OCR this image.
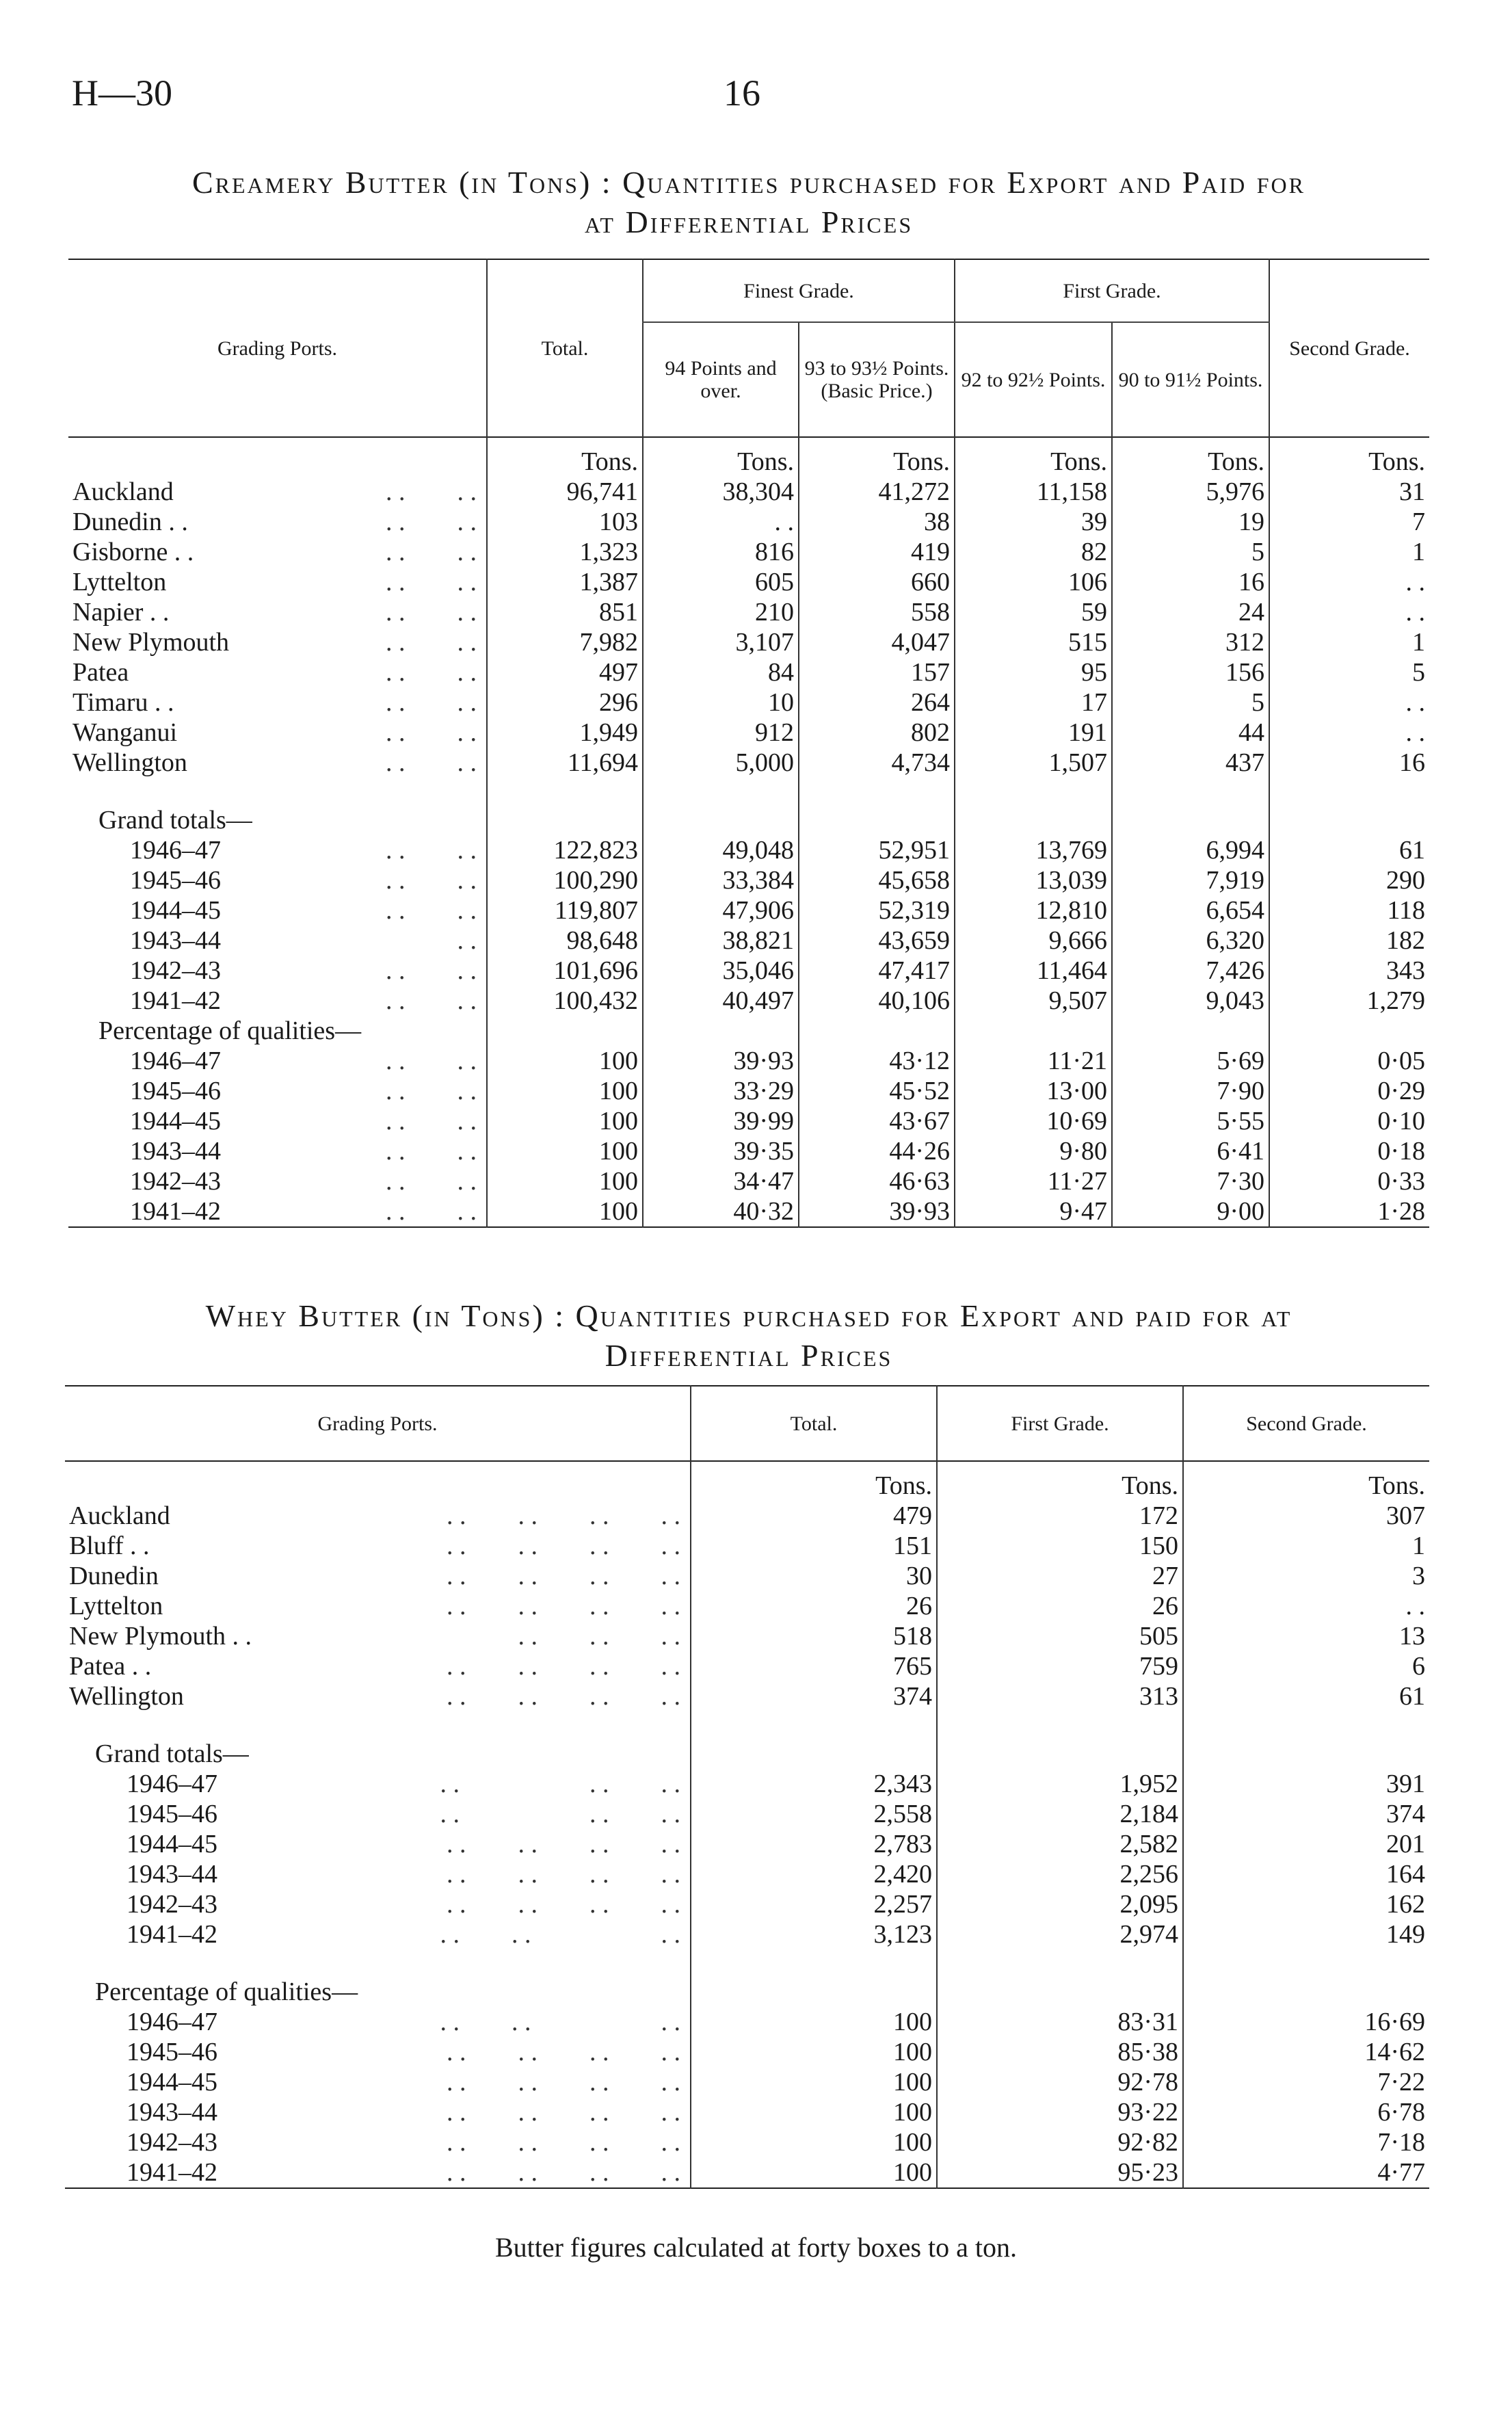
H—30	16
Creamery Butter (in Tons) : Quantities purchased for Export and Paid for
at Differential Prices
Grading Ports.	Total.	Finest Grade.		First Grade.		Second Grade.
		94 Points and over.	93 to 93½ Points. (Basic Price.)	92 to 92½ Points.	90 to 91½ Points.	
	Tons.	Tons.	Tons.	Tons.	Tons.	Tons.
Auckland . .        . .	96,741	38,304	41,272	11,158	5,976	31
Dunedin . . . .        . .	103	. .	38	39	19	7
Gisborne . . . .        . .	1,323	816	419	82	5	1
Lyttelton . .        . .	1,387	605	660	106	16	. .
Napier . . . .        . .	851	210	558	59	24	. .
New Plymouth . .        . .	7,982	3,107	4,047	515	312	1
Patea . .        . .	497	84	157	95	156	5
Timaru . . . .        . .	296	10	264	17	5	. .
Wanganui . .        . .	1,949	912	802	191	44	. .
Wellington . .        . .	11,694	5,000	4,734	1,507	437	16
Grand totals—						
1946–47 . .        . .	122,823	49,048	52,951	13,769	6,994	61
1945–46 . .        . .	100,290	33,384	45,658	13,039	7,919	290
1944–45 . .        . .	119,807	47,906	52,319	12,810	6,654	118
1943–44 . .	98,648	38,821	43,659	9,666	6,320	182
1942–43 . .        . .	101,696	35,046	47,417	11,464	7,426	343
1941–42 . .        . .	100,432	40,497	40,106	9,507	9,043	1,279
Percentage of qualities—						
1946–47 . .        . .	100	39·93	43·12	11·21	5·69	0·05
1945–46 . .        . .	100	33·29	45·52	13·00	7·90	0·29
1944–45 . .        . .	100	39·99	43·67	10·69	5·55	0·10
1943–44 . .        . .	100	39·35	44·26	9·80	6·41	0·18
1942–43 . .        . .	100	34·47	46·63	11·27	7·30	0·33
1941–42 . .        . .	100	40·32	39·93	9·47	9·00	1·28
Whey Butter (in Tons) : Quantities purchased for Export and paid for at
Differential Prices
Grading Ports.	Total.	First Grade.	Second Grade.
	Tons.	Tons.	Tons.
Auckland . .        . .        . .        . .	479	172	307
Bluff . . . .        . .        . .        . .	151	150	1
Dunedin . .        . .        . .        . .	30	27	3
Lyttelton . .        . .        . .        . .	26	26	. .
New Plymouth . . . .        . .        . .	518	505	13
Patea . . . .        . .        . .        . .	765	759	6
Wellington . .        . .        . .        . .	374	313	61
Grand totals—			
1946–47 . .                    . .        . .	2,343	1,952	391
1945–46 . .                    . .        . .	2,558	2,184	374
1944–45 . .        . .        . .        . .	2,783	2,582	201
1943–44 . .        . .        . .        . .	2,420	2,256	164
1942–43 . .        . .        . .        . .	2,257	2,095	162
1941–42 . .        . .                    . .	3,123	2,974	149
Percentage of qualities—			
1946–47 . .        . .                    . .	100	83·31	16·69
1945–46 . .        . .        . .        . .	100	85·38	14·62
1944–45 . .        . .        . .        . .	100	92·78	7·22
1943–44 . .        . .        . .        . .	100	93·22	6·78
1942–43 . .        . .        . .        . .	100	92·82	7·18
1941–42 . .        . .        . .        . .	100	95·23	4·77
Butter figures calculated at forty boxes to a ton.
